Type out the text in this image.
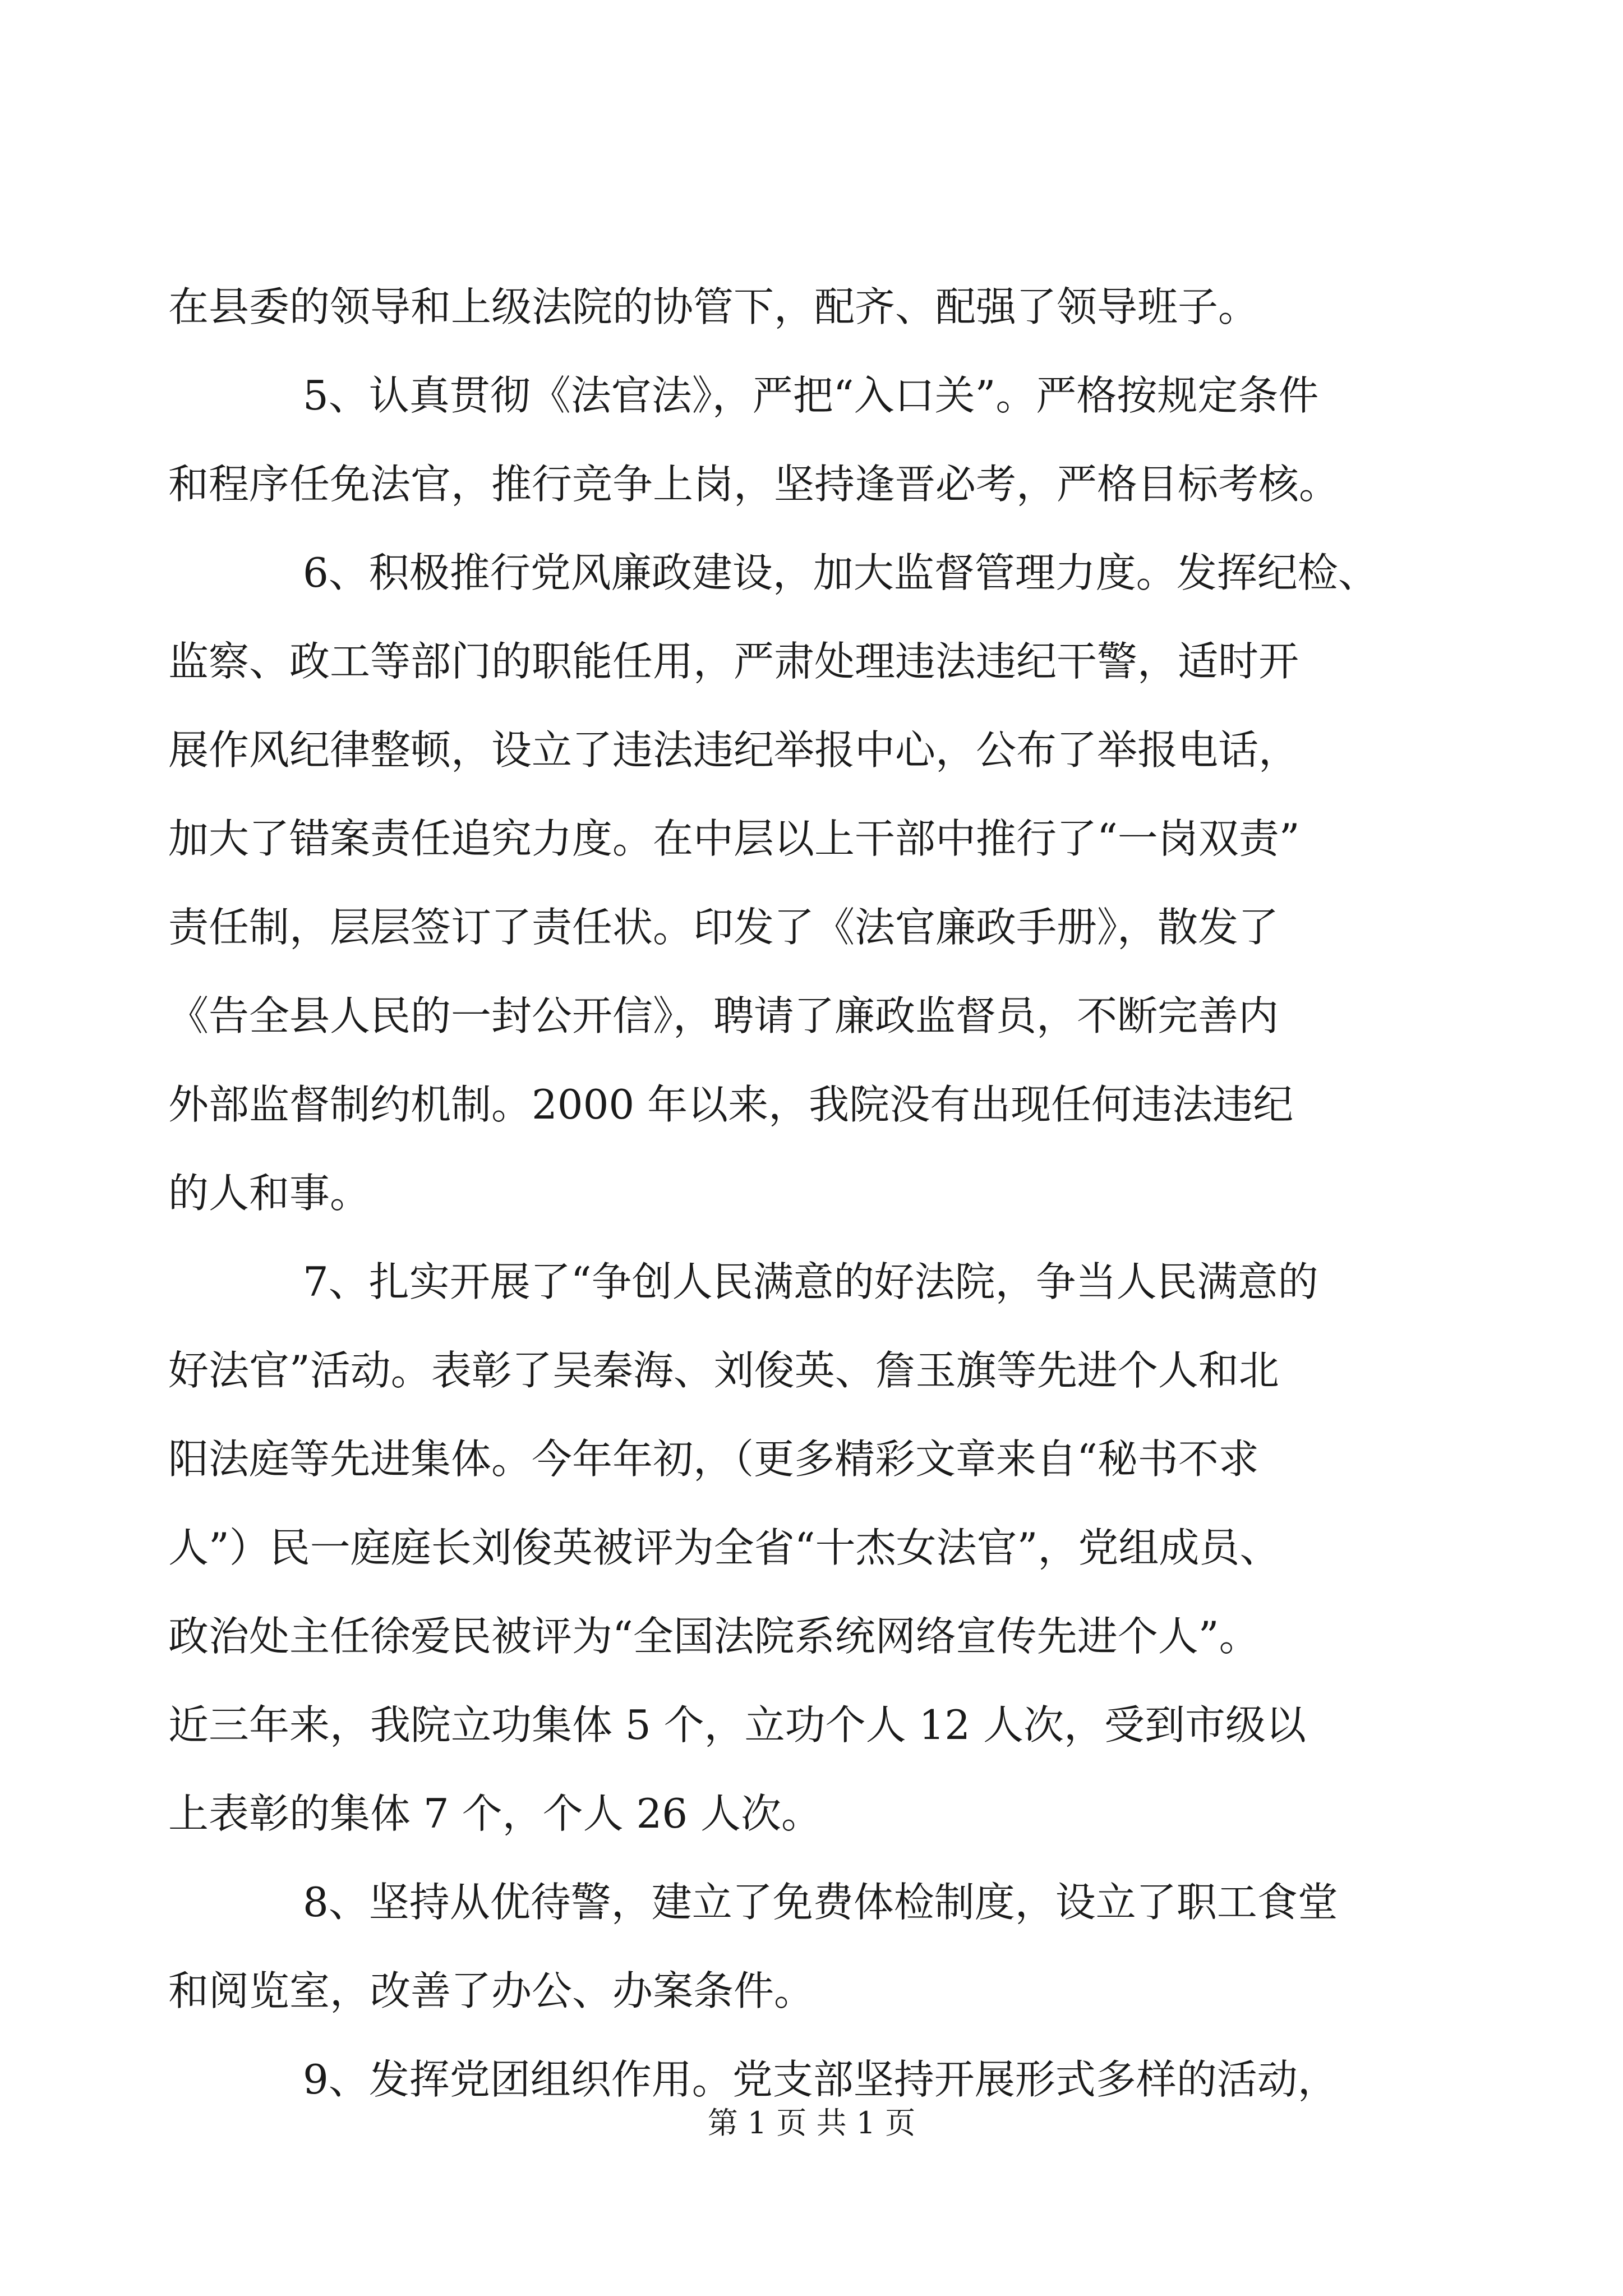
在县委的领导和上级法院的协管下，配齐、配强了领导班子。
5、认真贯彻《法官法》，严把“入口关”。严格按规定条件
和程序任免法官，推行竞争上岗，坚持逢晋必考，严格目标考核。
6、积极推行党风廉政建设，加大监督管理力度。发挥纪检、
监察、政工等部门的职能任用，严肃处理违法违纪干警，适时开
展作风纪律整顿，设立了违法违纪举报中心，公布了举报电话，
加大了错案责任追究力度。在中层以上干部中推行了“一岗双责”
责任制，层层签订了责任状。印发了《法官廉政手册》，散发了
《告全县人民的一封公开信》，聘请了廉政监督员，不断完善内
外部监督制约机制。2000 年以来，我院没有出现任何违法违纪
的人和事。
7、扎实开展了“争创人民满意的好法院，争当人民满意的
好法官”活动。表彰了吴秦海、刘俊英、詹玉旗等先进个人和北
阳法庭等先进集体。今年年初，（更多精彩文章来自“秘书不求
人”）民一庭庭长刘俊英被评为全省“十杰女法官”，党组成员、
政治处主任徐爱民被评为“全国法院系统网络宣传先进个人”。
近三年来，我院立功集体 5 个，立功个人 12 人次，受到市级以
上表彰的集体 7 个，个人 26 人次。
8、坚持从优待警，建立了免费体检制度，设立了职工食堂
和阅览室，改善了办公、办案条件。
9、发挥党团组织作用。党支部坚持开展形式多样的活动，
第 1 页 共 1 页
